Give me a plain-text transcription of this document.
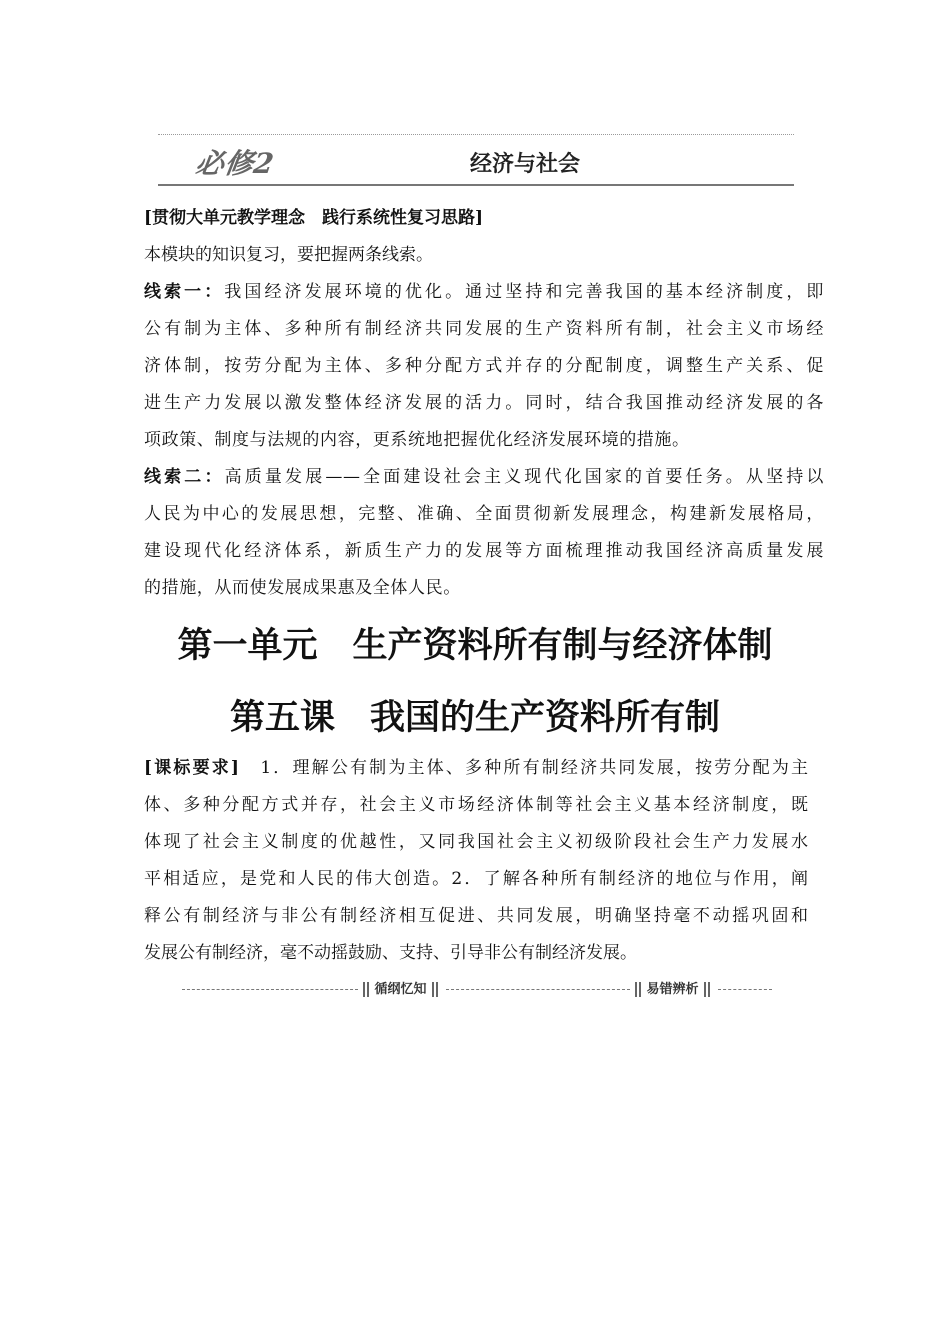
必修2	经济与社会
[贯彻大单元教学理念　践行系统性复习思路]
本模块的知识复习，要把握两条线索。
线索一：我国经济发展环境的优化。通过坚持和完善我国的基本经济制度，即
公有制为主体、多种所有制经济共同发展的生产资料所有制，社会主义市场经
济体制，按劳分配为主体、多种分配方式并存的分配制度，调整生产关系、促
进生产力发展以激发整体经济发展的活力。同时，结合我国推动经济发展的各
项政策、制度与法规的内容，更系统地把握优化经济发展环境的措施。
线索二：高质量发展——全面建设社会主义现代化国家的首要任务。从坚持以
人民为中心的发展思想，完整、准确、全面贯彻新发展理念，构建新发展格局，
建设现代化经济体系，新质生产力的发展等方面梳理推动我国经济高质量发展
的措施，从而使发展成果惠及全体人民。
第一单元　生产资料所有制与经济体制
第五课　我国的生产资料所有制
[课标要求]　1．理解公有制为主体、多种所有制经济共同发展，按劳分配为主
体、多种分配方式并存，社会主义市场经济体制等社会主义基本经济制度，既
体现了社会主义制度的优越性，又同我国社会主义初级阶段社会生产力发展水
平相适应，是党和人民的伟大创造。2．了解各种所有制经济的地位与作用，阐
释公有制经济与非公有制经济相互促进、共同发展，明确坚持毫不动摇巩固和
发展公有制经济，毫不动摇鼓励、支持、引导非公有制经济发展。
循纲忆知	易错辨析
